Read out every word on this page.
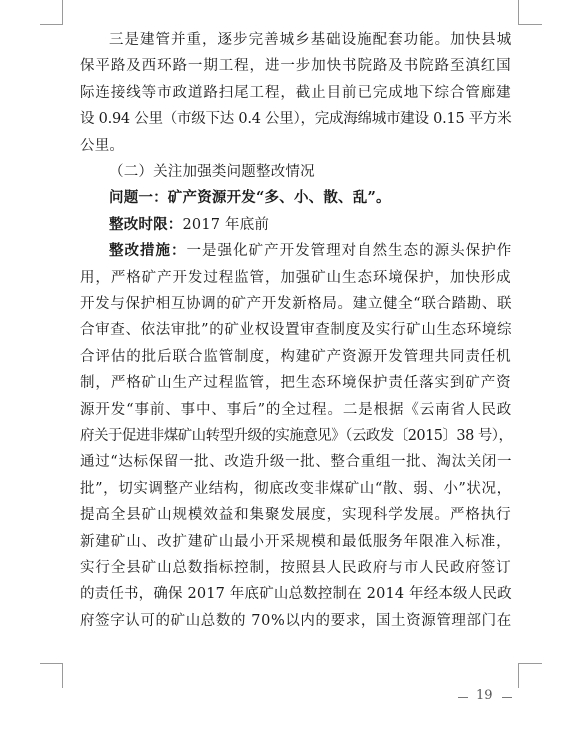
三是建管并重，逐步完善城乡基础设施配套功能。加快县城
保平路及西环路一期工程，进一步加快书院路及书院路至滇红国
际连接线等市政道路扫尾工程，截止目前已完成地下综合管廊建
设 0.94 公里（市级下达 0.4 公里），完成海绵城市建设 0.15 平方米
公里。
（二）关注加强类问题整改情况
问题一：矿产资源开发“多、小、散、乱”。
整改时限：2017 年底前
整改措施：一是强化矿产开发管理对自然生态的源头保护作
用，严格矿产开发过程监管，加强矿山生态环境保护，加快形成
开发与保护相互协调的矿产开发新格局。建立健全“联合踏勘、联
合审查、依法审批”的矿业权设置审查制度及实行矿山生态环境综
合评估的批后联合监管制度，构建矿产资源开发管理共同责任机
制，严格矿山生产过程监管，把生态环境保护责任落实到矿产资
源开发“事前、事中、事后”的全过程。二是根据《云南省人民政
府关于促进非煤矿山转型升级的实施意见》（云政发〔2015〕38 号），
通过“达标保留一批、改造升级一批、整合重组一批、淘汰关闭一
批”，切实调整产业结构，彻底改变非煤矿山“散、弱、小”状况，
提高全县矿山规模效益和集聚发展度，实现科学发展。严格执行
新建矿山、改扩建矿山最小开采规模和最低服务年限准入标准，
实行全县矿山总数指标控制，按照县人民政府与市人民政府签订
的责任书，确保 2017 年底矿山总数控制在 2014 年经本级人民政
府签字认可的矿山总数的 70%以内的要求，国土资源管理部门在
19
